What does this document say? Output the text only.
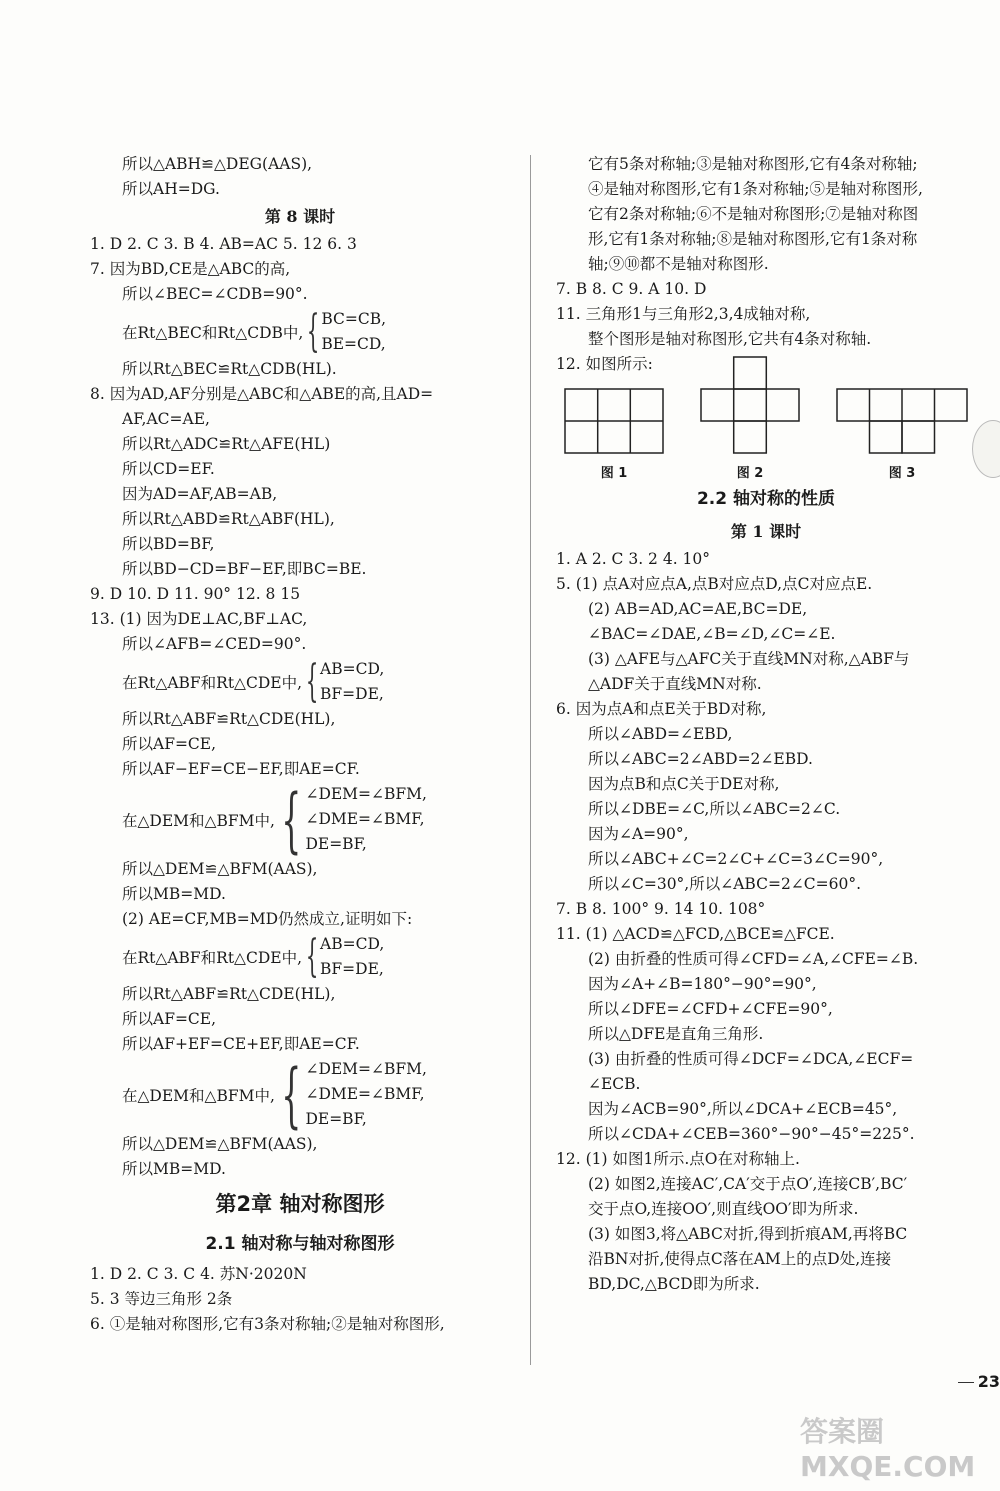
所以△ABH≌△DEG(AAS),
所以AH=DG.
第 8 课时
1. D 2. C 3. B 4. AB=AC 5. 12 6. 3
7. 因为BD,CE是△ABC的高,
所以∠BEC=∠CDB=90°.
在Rt△BEC和Rt△CDB中, { BC=CB,
BE=CD,
所以Rt△BEC≌Rt△CDB(HL).
8. 因为AD,AF分别是△ABC和△ABE的高,且AD=
AF,AC=AE,
所以Rt△ADC≌Rt△AFE(HL)
所以CD=EF.
因为AD=AF,AB=AB,
所以Rt△ABD≌Rt△ABF(HL),
所以BD=BF,
所以BD−CD=BF−EF,即BC=BE.
9. D 10. D 11. 90° 12. 8 15
13. (1) 因为DE⊥AC,BF⊥AC,
所以∠AFB=∠CED=90°.
在Rt△ABF和Rt△CDE中, { AB=CD,
BF=DE,
所以Rt△ABF≌Rt△CDE(HL),
所以AF=CE,
所以AF−EF=CE−EF,即AE=CF.
在△DEM和△BFM中, { ∠DEM=∠BFM,
∠DME=∠BMF,
DE=BF,
所以△DEM≌△BFM(AAS),
所以MB=MD.
(2) AE=CF,MB=MD仍然成立,证明如下:
在Rt△ABF和Rt△CDE中, { AB=CD,
BF=DE,
所以Rt△ABF≌Rt△CDE(HL),
所以AF=CE,
所以AF+EF=CE+EF,即AE=CF.
在△DEM和△BFM中, { ∠DEM=∠BFM,
∠DME=∠BMF,
DE=BF,
所以△DEM≌△BFM(AAS),
所以MB=MD.
第2章 轴对称图形
2.1 轴对称与轴对称图形
1. D 2. C 3. C 4. 苏N·2020N
5. 3 等边三角形 2条
6. ①是轴对称图形,它有3条对称轴;②是轴对称图形,
它有5条对称轴;③是轴对称图形,它有4条对称轴;
④是轴对称图形,它有1条对称轴;⑤是轴对称图形,
它有2条对称轴;⑥不是轴对称图形;⑦是轴对称图
形,它有1条对称轴;⑧是轴对称图形,它有1条对称
轴;⑨⑩都不是轴对称图形.
7. B 8. C 9. A 10. D
11. 三角形1与三角形2,3,4成轴对称,
整个图形是轴对称图形,它共有4条对称轴.
12. 如图所示:
图 1	图 2	图 3
2.2 轴对称的性质
第 1 课时
1. A 2. C 3. 2 4. 10°
5. (1) 点A对应点A,点B对应点D,点C对应点E.
(2) AB=AD,AC=AE,BC=DE,
∠BAC=∠DAE,∠B=∠D,∠C=∠E.
(3) △AFE与△AFC关于直线MN对称,△ABF与
△ADF关于直线MN对称.
6. 因为点A和点E关于BD对称,
所以∠ABD=∠EBD,
所以∠ABC=2∠ABD=2∠EBD.
因为点B和点C关于DE对称,
所以∠DBE=∠C,所以∠ABC=2∠C.
因为∠A=90°,
所以∠ABC+∠C=2∠C+∠C=3∠C=90°,
所以∠C=30°,所以∠ABC=2∠C=60°.
7. B 8. 100° 9. 14 10. 108°
11. (1) △ACD≌△FCD,△BCE≌△FCE.
(2) 由折叠的性质可得∠CFD=∠A,∠CFE=∠B.
因为∠A+∠B=180°−90°=90°,
所以∠DFE=∠CFD+∠CFE=90°,
所以△DFE是直角三角形.
(3) 由折叠的性质可得∠DCF=∠DCA,∠ECF=
∠ECB.
因为∠ACB=90°,所以∠DCA+∠ECB=45°,
所以∠CDA+∠CEB=360°−90°−45°=225°.
12. (1) 如图1所示.点O在对称轴上.
(2) 如图2,连接AC′,CA′交于点O′,连接CB′,BC′
交于点O,连接OO′,则直线OO′即为所求.
(3) 如图3,将△ABC对折,得到折痕AM,再将BC
沿BN对折,使得点C落在AM上的点D处,连接
BD,DC,△BCD即为所求.
23
答案圈 MXQE.COM
